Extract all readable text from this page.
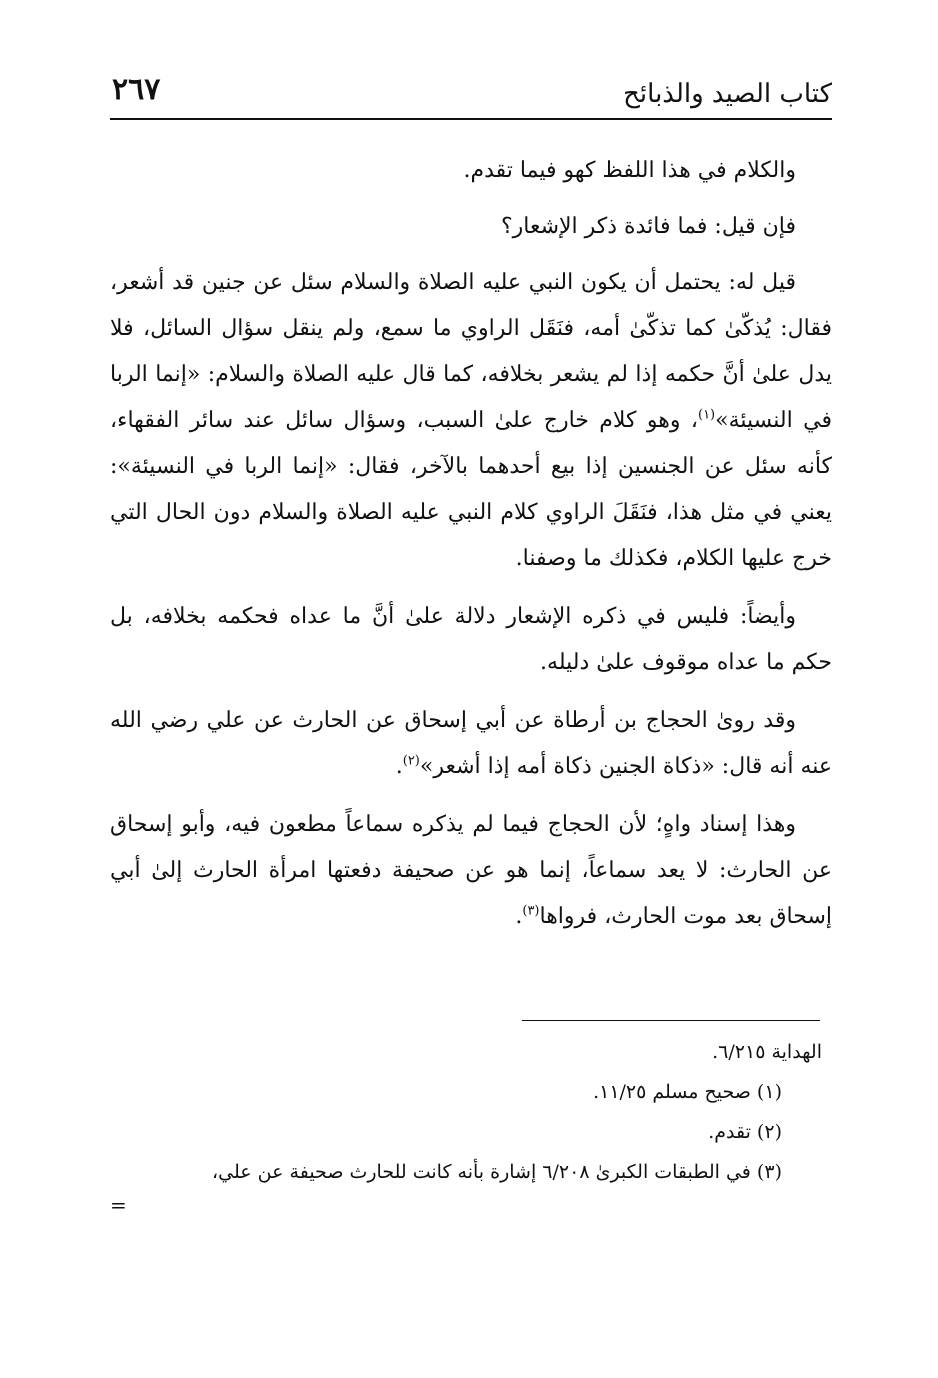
كتاب الصيد والذبائح
٢٦٧

والكلام في هذا اللفظ كهو فيما تقدم.

فإن قيل: فما فائدة ذكر الإشعار؟

قيل له: يحتمل أن يكون النبي عليه الصلاة والسلام سئل عن جنين قد أشعر، فقال: يُذكّىٰ كما تذكّىٰ أمه، فنَقَل الراوي ما سمع، ولم ينقل سؤال السائل، فلا يدل علىٰ أنَّ حكمه إذا لم يشعر بخلافه، كما قال عليه الصلاة والسلام: «إنما الربا في النسيئة»$^{(١)}$، وهو كلام خارج علىٰ السبب، وسؤال سائل عند سائر الفقهاء، كأنه سئل عن الجنسين إذا بيع أحدهما بالآخر، فقال: «إنما الربا في النسيئة»: يعني في مثل هذا، فنَقَلَ الراوي كلام النبي عليه الصلاة والسلام دون الحال التي خرج عليها الكلام، فكذلك ما وصفنا.

وأيضاً: فليس في ذكره الإشعار دلالة علىٰ أنَّ ما عداه فحكمه بخلافه، بل حكم ما عداه موقوف علىٰ دليله.

وقد روىٰ الحجاج بن أرطاة عن أبي إسحاق عن الحارث عن علي رضي الله عنه أنه قال: «ذكاة الجنين ذكاة أمه إذا أشعر»$^{(٢)}$.

وهذا إسناد واهٍ؛ لأن الحجاج فيما لم يذكره سماعاً مطعون فيه، وأبو إسحاق عن الحارث: لا يعد سماعاً، إنما هو عن صحيفة دفعتها امرأة الحارث إلىٰ أبي إسحاق بعد موت الحارث، فرواها$^{(٣)}$.

الهداية ٦/٢١٥.

(١) صحيح مسلم ١١/٢٥.

(٢) تقدم.

(٣) في الطبقات الكبرىٰ ٦/٢٠٨ إشارة بأنه كانت للحارث صحيفة عن علي،

=
